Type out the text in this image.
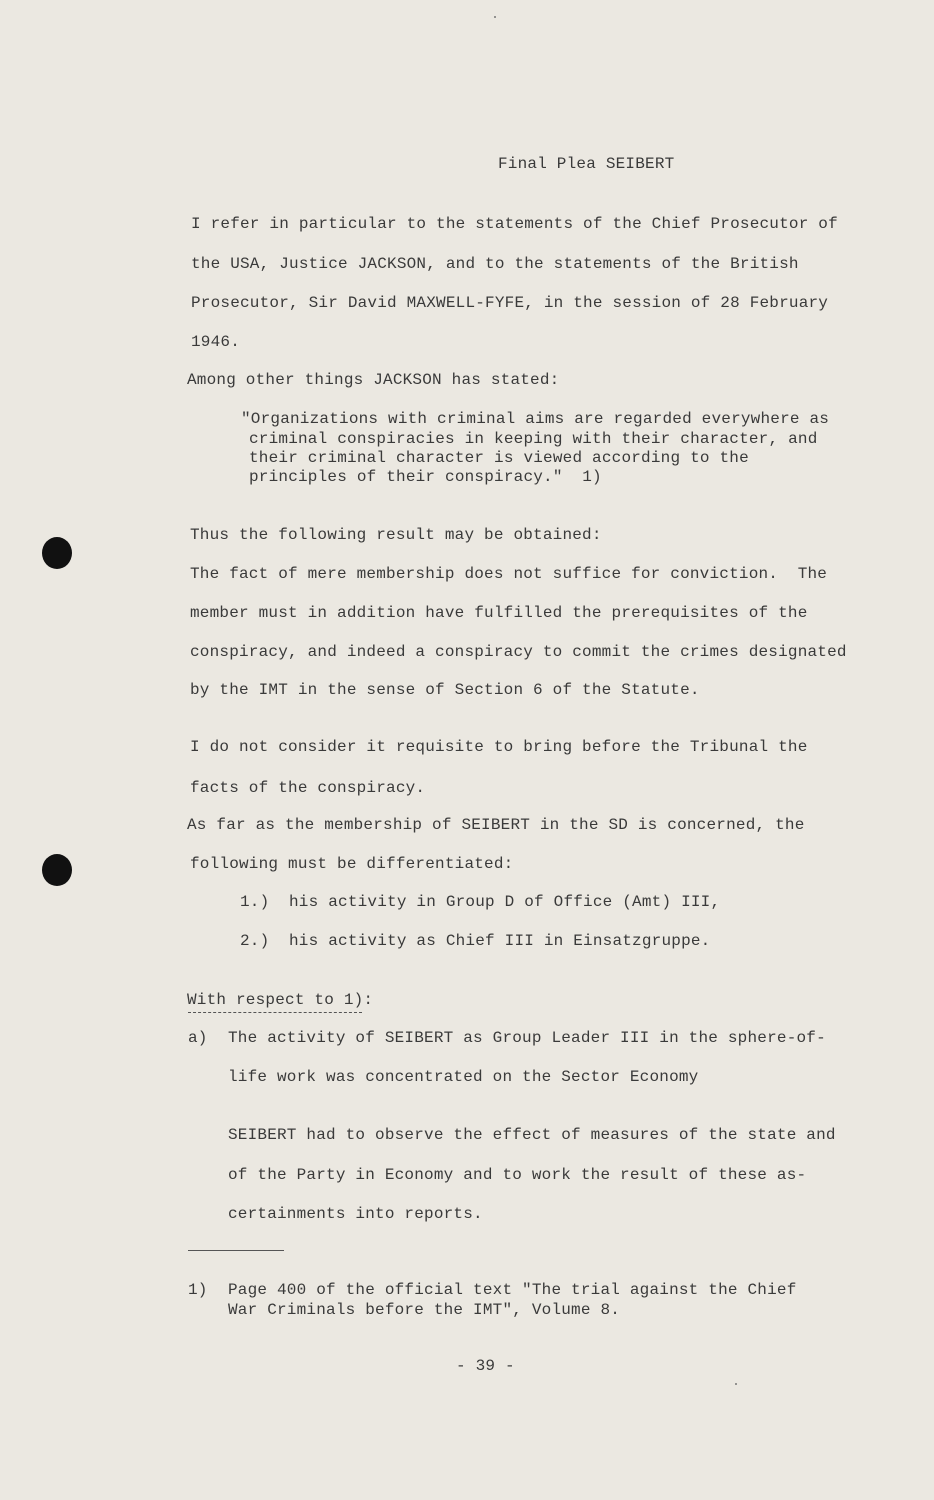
Final Plea SEIBERT
I refer in particular to the statements of the Chief Prosecutor of
the USA, Justice JACKSON, and to the statements of the British
Prosecutor, Sir David MAXWELL-FYFE, in the session of 28 February
1946.
Among other things JACKSON has stated:
"Organizations with criminal aims are regarded everywhere as
criminal conspiracies in keeping with their character, and
their criminal character is viewed according to the
principles of their conspiracy."  1)
Thus the following result may be obtained:
The fact of mere membership does not suffice for conviction.  The
member must in addition have fulfilled the prerequisites of the
conspiracy, and indeed a conspiracy to commit the crimes designated
by the IMT in the sense of Section 6 of the Statute.
I do not consider it requisite to bring before the Tribunal the
facts of the conspiracy.
As far as the membership of SEIBERT in the SD is concerned, the
following must be differentiated:
1.)  his activity in Group D of Office (Amt) III,
2.)  his activity as Chief III in Einsatzgruppe.
With respect to 1):
a) The activity of SEIBERT as Group Leader III in the sphere-of-
life work was concentrated on the Sector Economy
SEIBERT had to observe the effect of measures of the state and
of the Party in Economy and to work the result of these as-
certainments into reports.
1) Page 400 of the official text "The trial against the Chief
War Criminals before the IMT", Volume 8.
- 39 -
